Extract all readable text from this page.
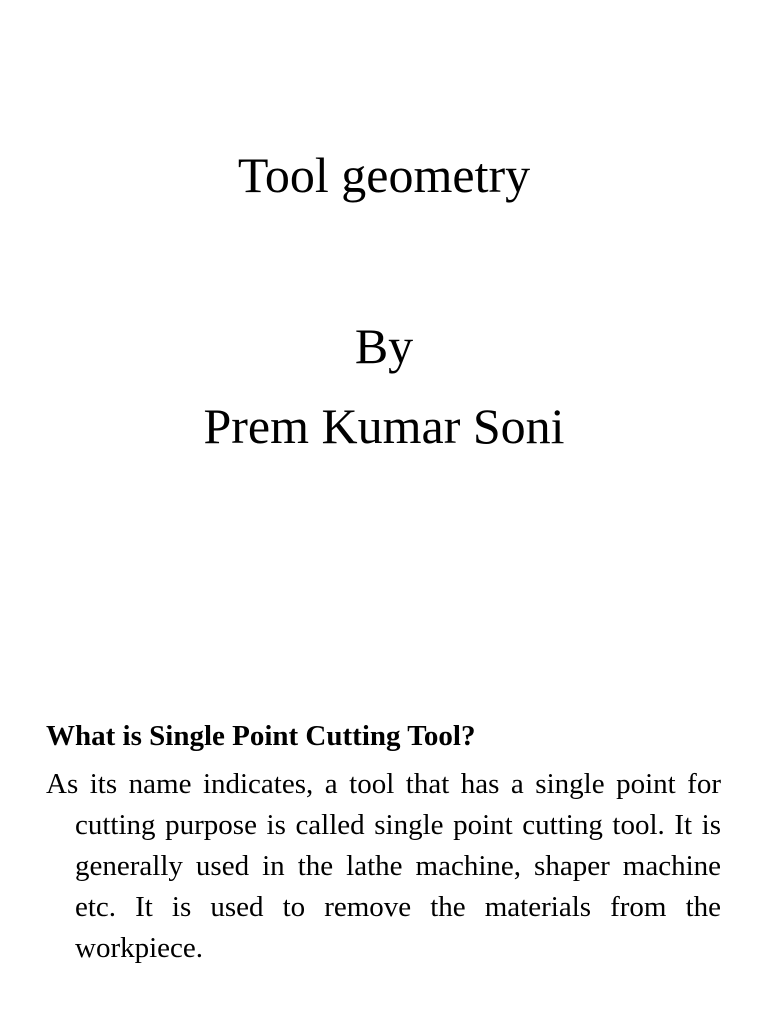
Tool geometry
By
Prem Kumar Soni
What is Single Point Cutting Tool?

As its name indicates, a tool that has a single point for cutting purpose is called single point cutting tool. It is generally used in the lathe machine, shaper machine etc. It is used to remove the materials from the workpiece.
